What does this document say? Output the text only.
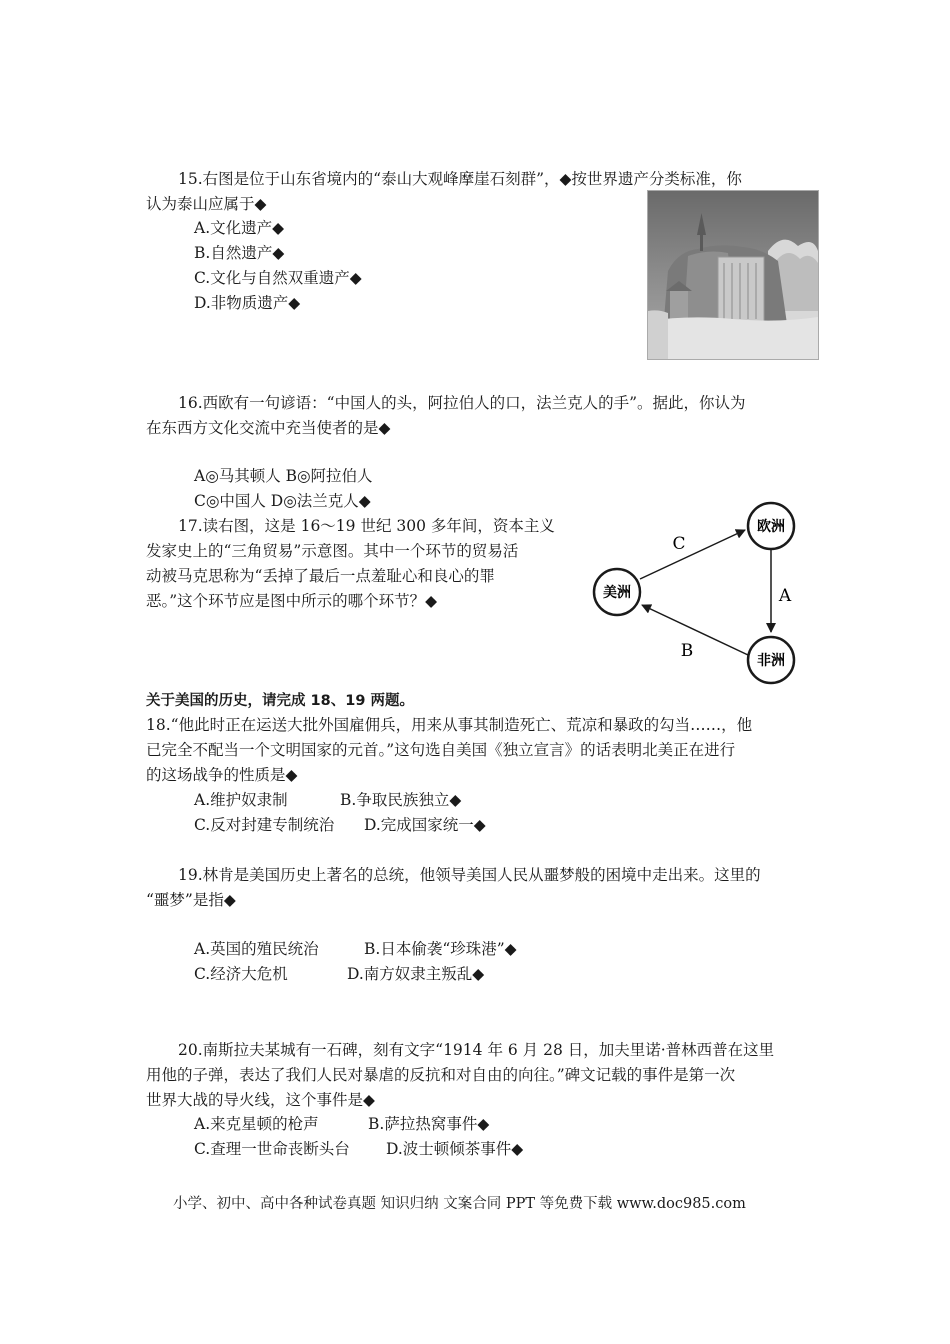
15.右图是位于山东省境内的“泰山大观峰摩崖石刻群”，◆按世界遗产分类标准，你
认为泰山应属于◆
A.文化遗产◆
B.自然遗产◆
C.文化与自然双重遗产◆
D.非物质遗产◆
16.西欧有一句谚语：“中国人的头，阿拉伯人的口，法兰克人的手”。据此，你认为
在东西方文化交流中充当使者的是◆
A◎马其顿人 B◎阿拉伯人
C◎中国人 D◎法兰克人◆
17.读右图，这是 16～19 世纪 300 多年间，资本主义
发家史上的“三角贸易”示意图。其中一个环节的贸易活
动被马克思称为“丢掉了最后一点羞耻心和良心的罪
恶。”这个环节应是图中所示的哪个环节？◆
欧洲
美洲
非洲
C
A
B
关于美国的历史，请完成 18、19 两题。
18.“他此时正在运送大批外国雇佣兵，用来从事其制造死亡、荒凉和暴政的勾当……，他
已完全不配当一个文明国家的元首。”这句选自美国《独立宣言》的话表明北美正在进行
的这场战争的性质是◆
A.维护奴隶制	B.争取民族独立◆
C.反对封建专制统治 D.完成国家统一◆
19.林肯是美国历史上著名的总统，他领导美国人民从噩梦般的困境中走出来。这里的
“噩梦”是指◆
A.英国的殖民统治	B.日本偷袭“珍珠港”◆
C.经济大危机	D.南方奴隶主叛乱◆
20.南斯拉夫某城有一石碑，刻有文字“1914 年 6 月 28 日，加夫里诺·普林西普在这里
用他的子弹，表达了我们人民对暴虐的反抗和对自由的向往。”碑文记载的事件是第一次
世界大战的导火线，这个事件是◆
A.来克星顿的枪声	B.萨拉热窝事件◆
C.查理一世命丧断头台 D.波士顿倾茶事件◆
小学、初中、高中各种试卷真题 知识归纳 文案合同 PPT 等免费下载 www.doc985.com
